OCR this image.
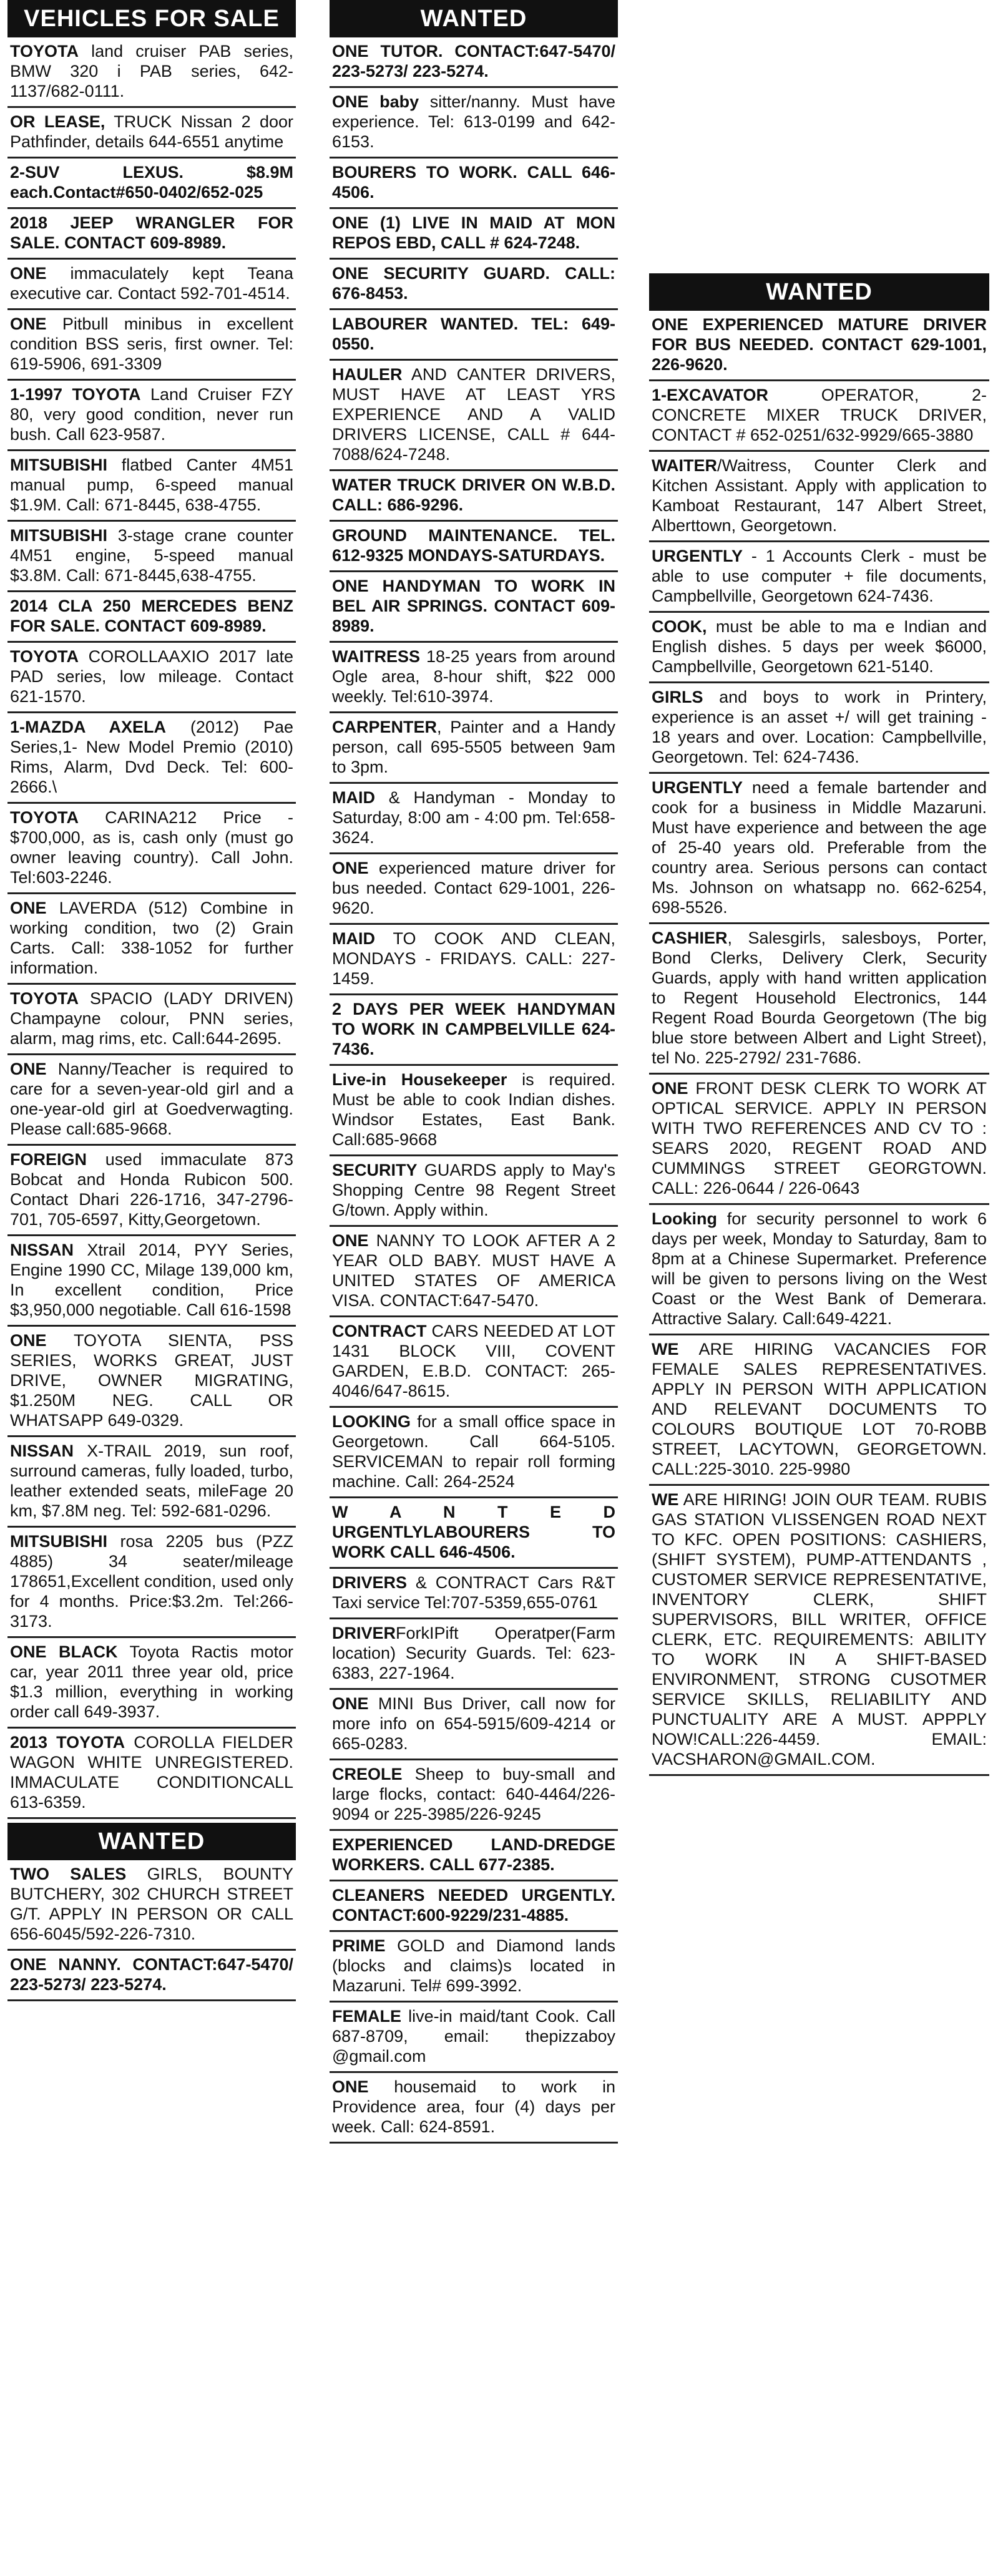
VEHICLES FOR SALE
TOYOTA land cruiser PAB series, BMW 320 i PAB series, 642-1137/682-0111.
OR LEASE, TRUCK Nissan 2 door Pathfinder, details 644-6551 anytime
2-SUV LEXUS. $8.9M each.Contact#650-0402/652-025
2018 JEEP WRANGLER FOR SALE. CONTACT 609-8989.
ONE immaculately kept Teana executive car. Contact 592-701-4514.
ONE Pitbull minibus in excellent condition BSS seris, first owner. Tel: 619-5906, 691-3309
1-1997 TOYOTA Land Cruiser FZY 80, very good condition, never run bush. Call 623-9587.
MITSUBISHI flatbed Canter 4M51 manual pump, 6-speed manual $1.9M. Call: 671-8445, 638-4755.
MITSUBISHI 3-stage crane counter 4M51 engine, 5-speed manual $3.8M. Call: 671-8445,638-4755.
2014 CLA 250 MERCEDES BENZ FOR SALE. CONTACT 609-8989.
TOYOTA COROLLAAXIO 2017 late PAD series, low mileage. Contact 621-1570.
1-MAZDA AXELA (2012) Pae Series,1- New Model Premio (2010) Rims, Alarm, Dvd Deck. Tel: 600-2666.\
TOYOTA CARINA212 Price - $700,000, as is, cash only (must go owner leaving country). Call John. Tel:603-2246.
ONE LAVERDA (512) Combine in working condition, two (2) Grain Carts. Call: 338-1052 for further information.
TOYOTA SPACIO (LADY DRIVEN) Champayne colour, PNN series, alarm, mag rims, etc. Call:644-2695.
ONE Nanny/Teacher is required to care for a seven-year-old girl and a one-year-old girl at Goedverwagting. Please call:685-9668.
FOREIGN used immaculate 873 Bobcat and Honda Rubicon 500. Contact Dhari 226-1716, 347-2796-701, 705-6597, Kitty,Georgetown.
NISSAN Xtrail 2014, PYY Series, Engine 1990 CC, Milage 139,000 km, In excellent condition, Price $3,950,000 negotiable. Call 616-1598
ONE TOYOTA SIENTA, PSS SERIES, WORKS GREAT, JUST DRIVE, OWNER MIGRATING, $1.250M NEG. CALL OR WHATSAPP 649-0329.
NISSAN X-TRAIL 2019, sun roof, surround cameras, fully loaded, turbo, leather extended seats, mileFage 20 km, $7.8M neg. Tel: 592-681-0296.
MITSUBISHI rosa 2205 bus (PZZ 4885) 34 seater/mileage 178651,Excellent condition, used only for 4 months. Price:$3.2m. Tel:266-3173.
ONE BLACK Toyota Ractis motor car, year 2011 three year old, price $1.3 million, everything in working order call 649-3937.
2013 TOYOTA COROLLA FIELDER WAGON WHITE UNREGISTERED. IMMACULATE CONDITIONCALL 613-6359.
WANTED
TWO SALES GIRLS, BOUNTY BUTCHERY, 302 CHURCH STREET G/T. APPLY IN PERSON OR CALL 656-6045/592-226-7310.
ONE NANNY. CONTACT:647-5470/ 223-5273/ 223-5274.
WANTED
ONE TUTOR. CONTACT:647-5470/ 223-5273/ 223-5274.
ONE baby sitter/nanny. Must have experience. Tel: 613-0199 and 642-6153.
BOURERS TO WORK. CALL 646-4506.
ONE (1) LIVE IN MAID AT MON REPOS EBD, CALL # 624-7248.
ONE SECURITY GUARD. CALL: 676-8453.
LABOURER WANTED. TEL: 649-0550.
HAULER AND CANTER DRIVERS, MUST HAVE AT LEAST YRS EXPERIENCE AND A VALID DRIVERS LICENSE, CALL # 644-7088/624-7248.
WATER TRUCK DRIVER ON W.B.D. CALL: 686-9296.
GROUND MAINTENANCE. TEL. 612-9325 MONDAYS-SATURDAYS.
ONE HANDYMAN TO WORK IN BEL AIR SPRINGS. CONTACT 609-8989.
WAITRESS 18-25 years from around Ogle area, 8-hour shift, $22 000 weekly. Tel:610-3974.
CARPENTER, Painter and a Handy person, call 695-5505 between 9am to 3pm.
MAID & Handyman - Monday to Saturday, 8:00 am - 4:00 pm. Tel:658-3624.
ONE experienced mature driver for bus needed. Contact 629-1001, 226-9620.
MAID TO COOK AND CLEAN, MONDAYS - FRIDAYS. CALL: 227-1459.
2 DAYS PER WEEK HANDYMAN TO WORK IN CAMPBELVILLE 624-7436.
Live-in Housekeeper is required. Must be able to cook Indian dishes. Windsor Estates, East Bank. Call:685-9668
SECURITY GUARDS apply to May's Shopping Centre 98 Regent Street G/town. Apply within.
ONE NANNY TO LOOK AFTER A 2 YEAR OLD BABY. MUST HAVE A UNITED STATES OF AMERICA VISA. CONTACT:647-5470.
CONTRACT CARS NEEDED AT LOT 1431 BLOCK VIII, COVENT GARDEN, E.B.D. CONTACT: 265-4046/647-8615.
LOOKING for a small office space in Georgetown. Call 664-5105. SERVICEMAN to repair roll forming machine. Call: 264-2524
W A N T E D URGENTLYLABOURERS TO WORK CALL 646-4506.
DRIVERS & CONTRACT Cars R&T Taxi service Tel:707-5359,655-0761
DRIVERForkIPift Operatper(Farm location) Security Guards. Tel: 623-6383, 227-1964.
ONE MINI Bus Driver, call now for more info on 654-5915/609-4214 or 665-0283.
CREOLE Sheep to buy-small and large flocks, contact: 640-4464/226-9094 or 225-3985/226-9245
EXPERIENCED LAND-DREDGE WORKERS. CALL 677-2385.
CLEANERS NEEDED URGENTLY. CONTACT:600-9229/231-4885.
PRIME GOLD and Diamond lands (blocks and claims)s located in Mazaruni. Tel# 699-3992.
FEMALE live-in maid/tant Cook. Call 687-8709, email: thepizzaboy @gmail.com
ONE housemaid to work in Providence area, four (4) days per week. Call: 624-8591.
WANTED
ONE EXPERIENCED MATURE DRIVER FOR BUS NEEDED. CONTACT 629-1001, 226-9620.
1-EXCAVATOR OPERATOR, 2- CONCRETE MIXER TRUCK DRIVER, CONTACT # 652-0251/632-9929/665-3880
WAITER/Waitress, Counter Clerk and Kitchen Assistant. Apply with application to Kamboat Restaurant, 147 Albert Street, Alberttown, Georgetown.
URGENTLY - 1 Accounts Clerk - must be able to use computer + file documents, Campbellville, Georgetown 624-7436.
COOK, must be able to ma e Indian and English dishes. 5 days per week $6000, Campbellville, Georgetown 621-5140.
GIRLS and boys to work in Printery, experience is an asset +/ will get training - 18 years and over. Location: Campbellville, Georgetown. Tel: 624-7436.
URGENTLY need a female bartender and cook for a business in Middle Mazaruni. Must have experience and between the age of 25-40 years old. Preferable from the country area. Serious persons can contact Ms. Johnson on whatsapp no. 662-6254, 698-5526.
CASHIER, Salesgirls, salesboys, Porter, Bond Clerks, Delivery Clerk, Security Guards, apply with hand written application to Regent Household Electronics, 144 Regent Road Bourda Georgetown (The big blue store between Albert and Light Street), tel No. 225-2792/ 231-7686.
ONE FRONT DESK CLERK TO WORK AT OPTICAL SERVICE. APPLY IN PERSON WITH TWO REFERENCES AND CV TO : SEARS 2020, REGENT ROAD AND CUMMINGS STREET GEORGTOWN. CALL: 226-0644 / 226-0643
Looking for security personnel to work 6 days per week, Monday to Saturday, 8am to 8pm at a Chinese Supermarket. Preference will be given to persons living on the West Coast or the West Bank of Demerara. Attractive Salary. Call:649-4221.
WE ARE HIRING VACANCIES FOR FEMALE SALES REPRESENTATIVES. APPLY IN PERSON WITH APPLICATION AND RELEVANT DOCUMENTS TO COLOURS BOUTIQUE LOT 70-ROBB STREET, LACYTOWN, GEORGETOWN. CALL:225-3010. 225-9980
WE ARE HIRING! JOIN OUR TEAM. RUBIS GAS STATION VLISSENGEN ROAD NEXT TO KFC. OPEN POSITIONS: CASHIERS, (SHIFT SYSTEM), PUMP-ATTENDANTS , CUSTOMER SERVICE REPRESENTATIVE, INVENTORY CLERK, SHIFT SUPERVISORS, BILL WRITER, OFFICE CLERK, ETC. REQUIREMENTS: ABILITY TO WORK IN A SHIFT-BASED ENVIRONMENT, STRONG CUSOTMER SERVICE SKILLS, RELIABILITY AND PUNCTUALITY ARE A MUST. APPPLY NOW!CALL:226-4459. EMAIL: VACSHARON@GMAIL.COM.
